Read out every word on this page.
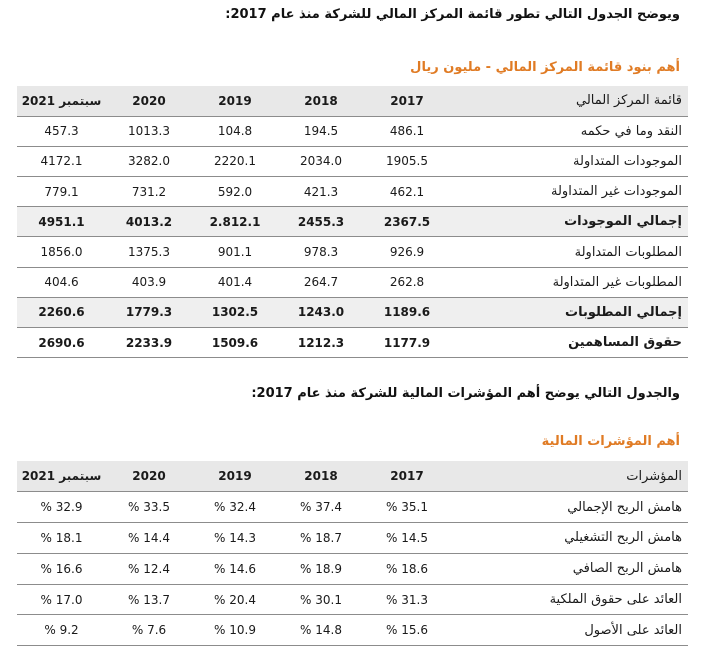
ويوضح الجدول التالي تطور قائمة المركز المالي للشركة منذ عام 2017:
أهم بنود قائمة المركز المالي - مليون ريال
قائمة المركز المالي	2017	2018	2019	2020	سبتمبر 2021
النقد وما في حكمه	486.1	194.5	104.8	1013.3	457.3
الموجودات المتداولة	1905.5	2034.0	2220.1	3282.0	4172.1
الموجودات غير المتداولة	462.1	421.3	592.0	731.2	779.1
إجمالي الموجودات	2367.5	2455.3	2.812.1	4013.2	4951.1
المطلوبات المتداولة	926.9	978.3	901.1	1375.3	1856.0
المطلوبات غير المتداولة	262.8	264.7	401.4	403.9	404.6
إجمالي المطلوبات	1189.6	1243.0	1302.5	1779.3	2260.6
حقوق المساهمين	1177.9	1212.3	1509.6	2233.9	2690.6
والجدول التالي يوضح أهم المؤشرات المالية للشركة منذ عام 2017:
أهم المؤشرات المالية
المؤشرات	2017	2018	2019	2020	سبتمبر 2021
هامش الربح الإجمالي	35.1 %	37.4 %	32.4 %	33.5 %	32.9 %
هامش الربح التشغيلي	14.5 %	18.7 %	14.3 %	14.4 %	18.1 %
هامش الربح الصافي	18.6 %	18.9 %	14.6 %	12.4 %	16.6 %
العائد على حقوق الملكية	31.3 %	30.1 %	20.4 %	13.7 %	17.0 %
العائد على الأصول	15.6 %	14.8 %	10.9 %	7.6 %	9.2 %
